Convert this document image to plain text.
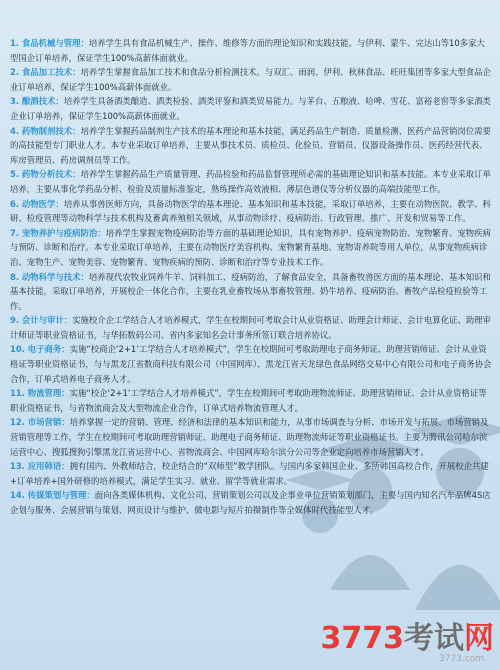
1. 食品机械与管理：培养学生具有食品机械生产、操作、维修等方面的理论知识和实践技能。与伊利、蒙牛、完达山等10多家大型国企订单培养，保证学生100%高薪体面就业。

2. 食品加工技术：培养学生掌握食品加工技术和食品分析检测技术。与双汇、雨润、伊利、秋林食品、旺旺集团等多家大型食品企业订单培养，保证学生100%高薪体面就业。

3. 酿酒技术：培养学生具备酒类酿造、酒类检验、酒类评鉴和酒类贸易能力。与茅台、五粮液、哈啤、雪花、富裕老窖等多家酒类企业订单培养，保证学生100%高薪体面就业。

4. 药物制剂技术：培养学生掌握药品制剂生产技术的基本理论和基本技能，满足药品生产制造、质量检测、医药产品营销岗位需要的高技能型专门职业人才。本专业采取订单培养，主要从事技术员、质检员、化验员、营销员、仪器设备操作员、医药经营代表、库房管理员、药房调剂员等工作。

5. 药物分析技术：培养学生掌握药品生产质量管理、药品检验和药品监督管理所必需的基础理论知识和基本技能。本专业采取订单培养，主要从事化学药品分析、检验及质量标准鉴定，熟练操作高效液相、薄层色谱仪等分析仪器的高端技能型工作。

6. 动物医学：培养从事兽医师方向，具备动物医学的基本理论、基本知识和基本技能，采取订单培养，主要在动物医院、教学、科研、检疫管理等动物科学与技术机构及畜禽养殖相关领域，从事动物诊疗、疫病防治、行政管理、推广、开发和贸易等工作。

7. 宠物养护与疫病防治：培养学生掌握宠物疫病防治等方面的基础理论知识，具有宠物养护、疫病宠物防治、宠物繁育、宠物疾病与预防、诊断和治疗。本专业采取订单培养，主要在动物医疗美容机构、宠物繁育基地、宠物寄养院等用人单位，从事宠物疾病诊治、宠物生产、宠物美容、宠物繁育、宠物疾病的预防、诊断和治疗等专业技术工作。

8. 动物科学与技术：培养现代农牧业饲养牛羊、饲料加工、疫病防治，了解食品安全，具备畜牧兽医方面的基本理论、基本知识和基本技能，采取订单培养，开展校企一体化合作，主要在乳业畜牧场从事畜牧管理、奶牛培养、疫病防治、畜牧产品检疫检验等工作。

9. 会计与审计：实施校介企工学结合人才培养模式，学生在校期间可考取会计从业资格证、助理会计师证、会计电算化证、助理审计师证等职业资格证书，与华拓数码公司、省内多家知名会计事务所签订联合培养协议。

10. 电子商务：实施“校商企‘2+1’工学结合人才培养模式”，学生在校期间可考取助理电子商务师证、助理营销师证、会计从业资格证等职业资格证书，与与黑龙江省数商科技有限公司（中国网库）、黑龙江省天龙绿色食品网络交易中心有限公司和电子商务协会合作，订单式培养电子商务人才。

11. 物流管理：实施“校企‘2+1’工学结合人才培养模式”，学生在校期间可考取助理物流师证、助理营销师证、会计从业资格证等职业资格证书，与省物流商会及大型物流企业合作，订单式培养物流管理人才。

12. 市场营销：培养掌握一定的营销、管理、经济和法律的基本知识和能力，从事市场调查与分析、市场开发与拓展、市场营销及营销管理等工作，学生在校期间可考取助理营销师证、助理电子商务师证、助理物流师证等职业资格证书。主要为腾讯公司哈尔滨运营中心、搜狐搜狗引擎黑龙江省运营中心、省物流商会、中国网库哈尔滨分公司等企业定向培养市场营销人才。

13. 应用韩语：拥有国内、外教师结合，校企结合的“双师型”教学团队。与国内多家韩国企业、多所韩国高校合作，开展校企共建+订单培养+国外研修的培养模式，满足学生实习、就业、留学等就业需求。

14. 传媒策划与管理：面向各类媒体机构、文化公司、营销策划公司以及企事业单位营销策划部门，主要与国内知名汽车品牌4S店企划与服务、会展营销与策划、网页设计与维护、微电影与短片拍摄制作等全媒体时代技能型人才。

3773考试网
3773.com
